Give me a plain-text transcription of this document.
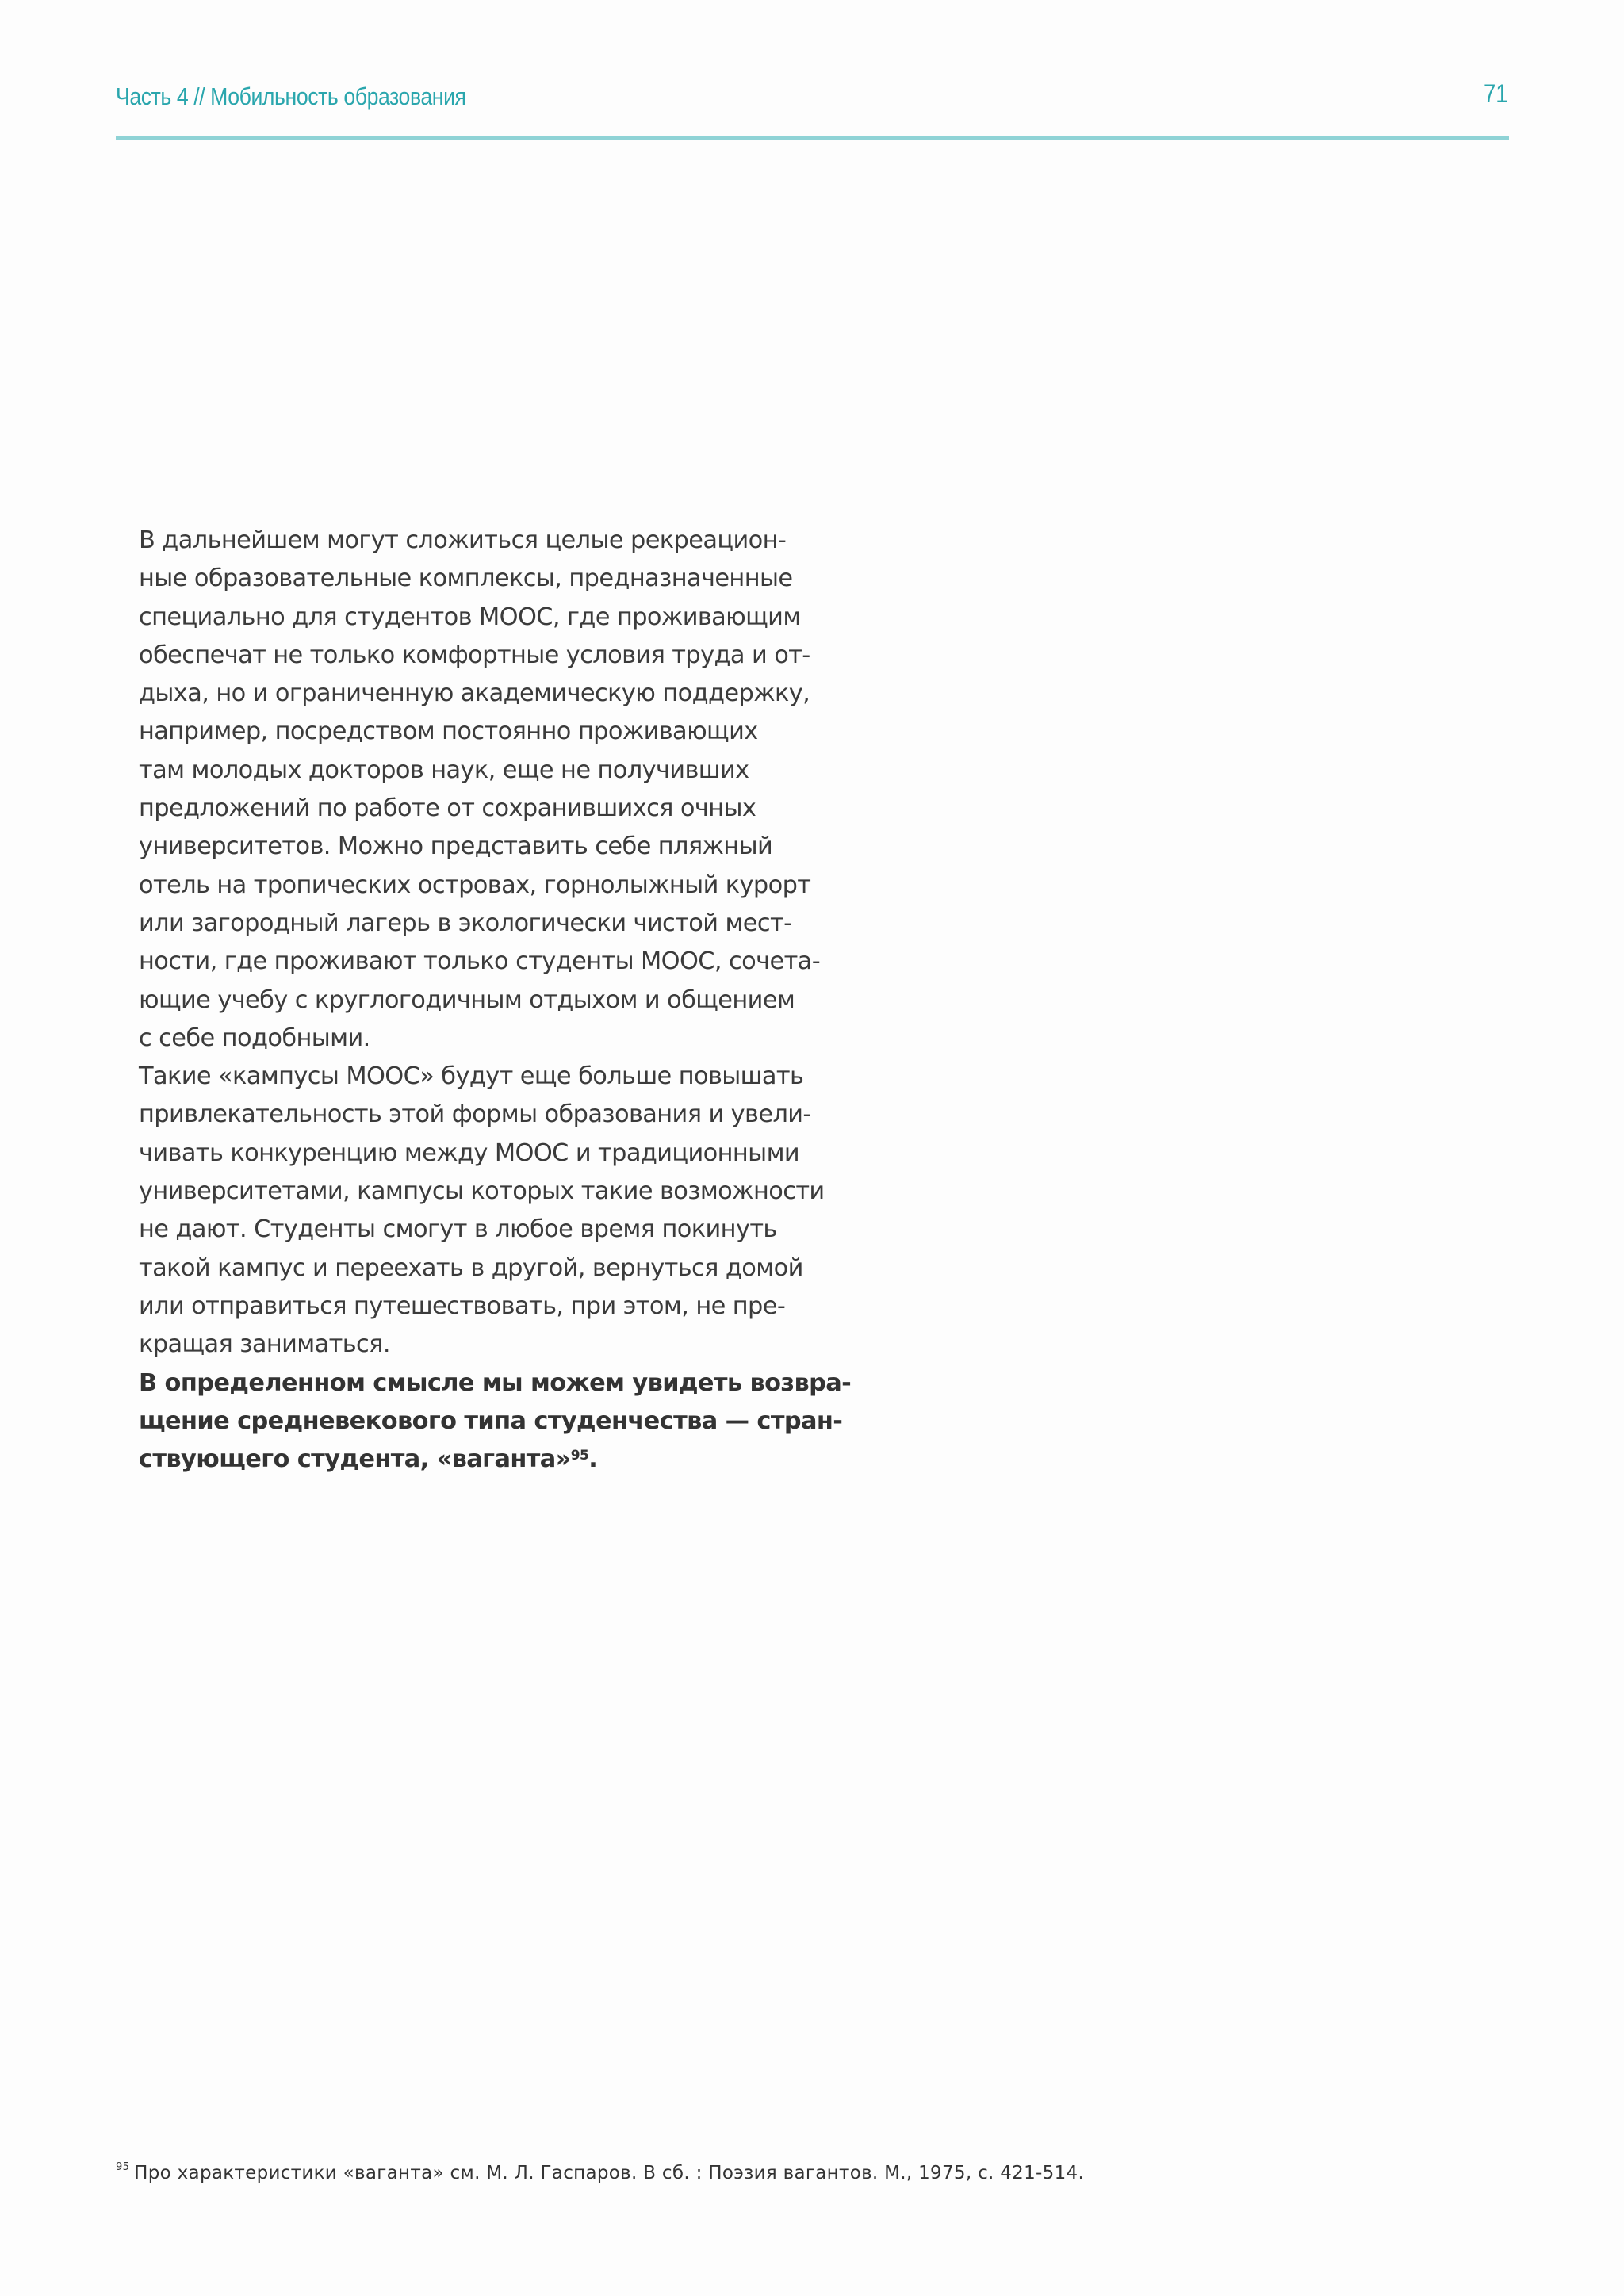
Часть 4 // Мобильность образования	71

В дальнейшем могут сложиться целые рекреацион-
ные образовательные комплексы, предназначенные
специально для студентов МООС, где проживающим
обеспечат не только комфортные условия труда и от-
дыха, но и ограниченную академическую поддержку,
например, посредством постоянно проживающих
там молодых докторов наук, еще не получивших
предложений по работе от сохранившихся очных
университетов. Можно представить себе пляжный
отель на тропических островах, горнолыжный курорт
или загородный лагерь в экологически чистой мест-
ности, где проживают только студенты МООС, сочета-
ющие учебу с круглогодичным отдыхом и общением
с себе подобными.

Такие «кампусы МООС» будут еще больше повышать
привлекательность этой формы образования и увели-
чивать конкуренцию между МООС и традиционными
университетами, кампусы которых такие возможности
не дают. Студенты смогут в любое время покинуть
такой кампус и переехать в другой, вернуться домой
или отправиться путешествовать, при этом, не пре-
кращая заниматься.

В определенном смысле мы можем увидеть возвра-
щение средневекового типа студенчества — стран-
ствующего студента, «ваганта»$^{95}$.

$^{95}$ Про характеристики «ваганта» см. М. Л. Гаспаров. В сб. : Поэзия вагантов. М., 1975, с. 421-514.
